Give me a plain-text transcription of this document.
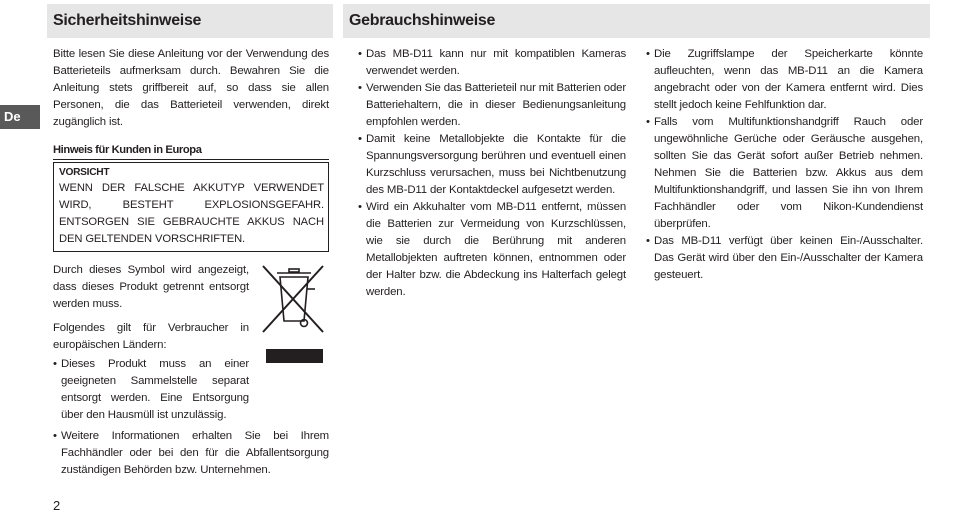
De
Sicherheitshinweise	Gebrauchshinweise

Bitte lesen Sie diese Anleitung vor der Verwendung des Batterieteils aufmerksam durch. Bewahren Sie die Anleitung stets griffbereit auf, so dass sie allen Personen, die das Batterieteil verwenden, direkt zugänglich ist.

Hinweis für Kunden in Europa
VORSICHT
WENN DER FALSCHE AKKUTYP VERWENDET WIRD, BESTEHT EXPLOSIONSGEFAHR. ENTSORGEN SIE GEBRAUCHTE AKKUS NACH DEN GELTENDEN VORSCHRIFTEN.

Durch dieses Symbol wird angezeigt, dass dieses Produkt getrennt entsorgt werden muss.

Folgendes gilt für Verbraucher in europäischen Ländern:

• Dieses Produkt muss an einer geeigneten Sammelstelle separat entsorgt werden. Eine Entsorgung über den Hausmüll ist unzulässig.
• Weitere Informationen erhalten Sie bei Ihrem Fachhändler oder bei den für die Abfallentsorgung zuständigen Behörden bzw. Unternehmen.
• Das MB-D11 kann nur mit kompatiblen Kameras verwendet werden.
• Verwenden Sie das Batterieteil nur mit Batterien oder Batteriehaltern, die in dieser Bedienungsanleitung empfohlen werden.
• Damit keine Metallobjekte die Kontakte für die Spannungsversorgung berühren und eventuell einen Kurzschluss verursachen, muss bei Nichtbenutzung des MB-D11 der Kontaktdeckel aufgesetzt werden.
• Wird ein Akkuhalter vom MB-D11 entfernt, müssen die Batterien zur Vermeidung von Kurzschlüssen, wie sie durch die Berührung mit anderen Metallobjekten auftreten können, entnommen oder der Halter bzw. die Abdeckung ins Halterfach gelegt werden.
• Die Zugriffslampe der Speicherkarte könnte aufleuchten, wenn das MB-D11 an die Kamera angebracht oder von der Kamera entfernt wird. Dies stellt jedoch keine Fehlfunktion dar.
• Falls vom Multifunktionshandgriff Rauch oder ungewöhnliche Gerüche oder Geräusche ausgehen, sollten Sie das Gerät sofort außer Betrieb nehmen. Nehmen Sie die Batterien bzw. Akkus aus dem Multifunktionshandgriff, und lassen Sie ihn von Ihrem Fachhändler oder vom Nikon-Kundendienst überprüfen.
• Das MB-D11 verfügt über keinen Ein-/Ausschalter. Das Gerät wird über den Ein-/Ausschalter der Kamera gesteuert.
2
